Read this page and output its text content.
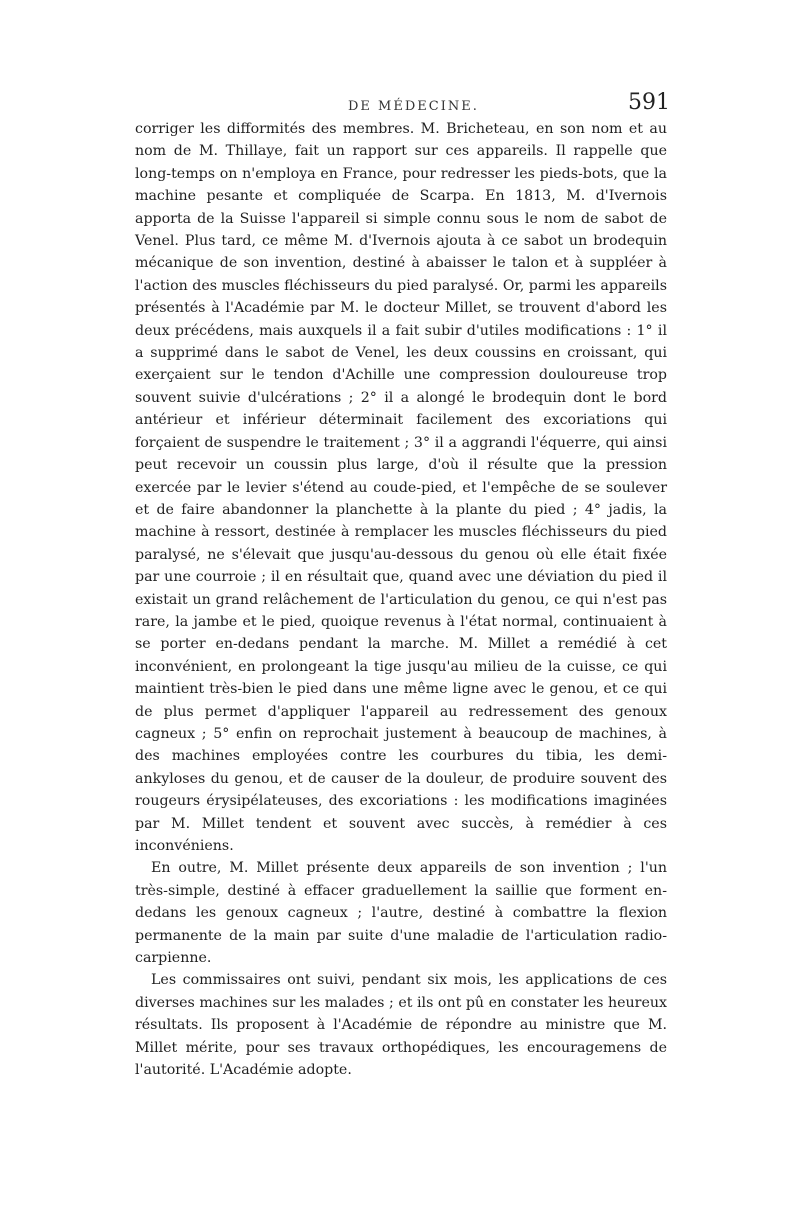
DE MÉDECINE.	591

corriger les difformités des membres. M. Bricheteau, en son nom et au nom de M. Thillaye, fait un rapport sur ces appareils. Il rappelle que long-temps on n'employa en France, pour redresser les pieds-bots, que la machine pesante et compliquée de Scarpa. En 1813, M. d'Ivernois apporta de la Suisse l'appareil si simple connu sous le nom de sabot de Venel. Plus tard, ce même M. d'Ivernois ajouta à ce sabot un brodequin mécanique de son invention, destiné à abaisser le talon et à suppléer à l'action des muscles fléchisseurs du pied paralysé. Or, parmi les appareils présentés à l'Académie par M. le docteur Millet, se trouvent d'abord les deux précédens, mais auxquels il a fait subir d'utiles modifications : 1° il a supprimé dans le sabot de Venel, les deux coussins en croissant, qui exerçaient sur le tendon d'Achille une compression douloureuse trop souvent suivie d'ulcérations ; 2° il a alongé le brodequin dont le bord antérieur et inférieur déterminait facilement des excoriations qui forçaient de suspendre le traitement ; 3° il a aggrandi l'équerre, qui ainsi peut recevoir un coussin plus large, d'où il résulte que la pression exercée par le levier s'étend au coude-pied, et l'empêche de se soulever et de faire abandonner la planchette à la plante du pied ; 4° jadis, la machine à ressort, destinée à remplacer les muscles fléchisseurs du pied paralysé, ne s'élevait que jusqu'au-dessous du genou où elle était fixée par une courroie ; il en résultait que, quand avec une déviation du pied il existait un grand relâchement de l'articulation du genou, ce qui n'est pas rare, la jambe et le pied, quoique revenus à l'état normal, continuaient à se porter en-dedans pendant la marche. M. Millet a remédié à cet inconvénient, en prolongeant la tige jusqu'au milieu de la cuisse, ce qui maintient très-bien le pied dans une même ligne avec le genou, et ce qui de plus permet d'appliquer l'appareil au redressement des genoux cagneux ; 5° enfin on reprochait justement à beaucoup de machines, à des machines employées contre les courbures du tibia, les demi-ankyloses du genou, et de causer de la douleur, de produire souvent des rougeurs érysipélateuses, des excoriations : les modifications imaginées par M. Millet tendent et souvent avec succès, à remédier à ces inconvéniens.

En outre, M. Millet présente deux appareils de son invention ; l'un très-simple, destiné à effacer graduellement la saillie que forment en-dedans les genoux cagneux ; l'autre, destiné à combattre la flexion permanente de la main par suite d'une maladie de l'articulation radio-carpienne.

Les commissaires ont suivi, pendant six mois, les applications de ces diverses machines sur les malades ; et ils ont pû en constater les heureux résultats. Ils proposent à l'Académie de répondre au ministre que M. Millet mérite, pour ses travaux orthopédiques, les encouragemens de l'autorité. L'Académie adopte.
